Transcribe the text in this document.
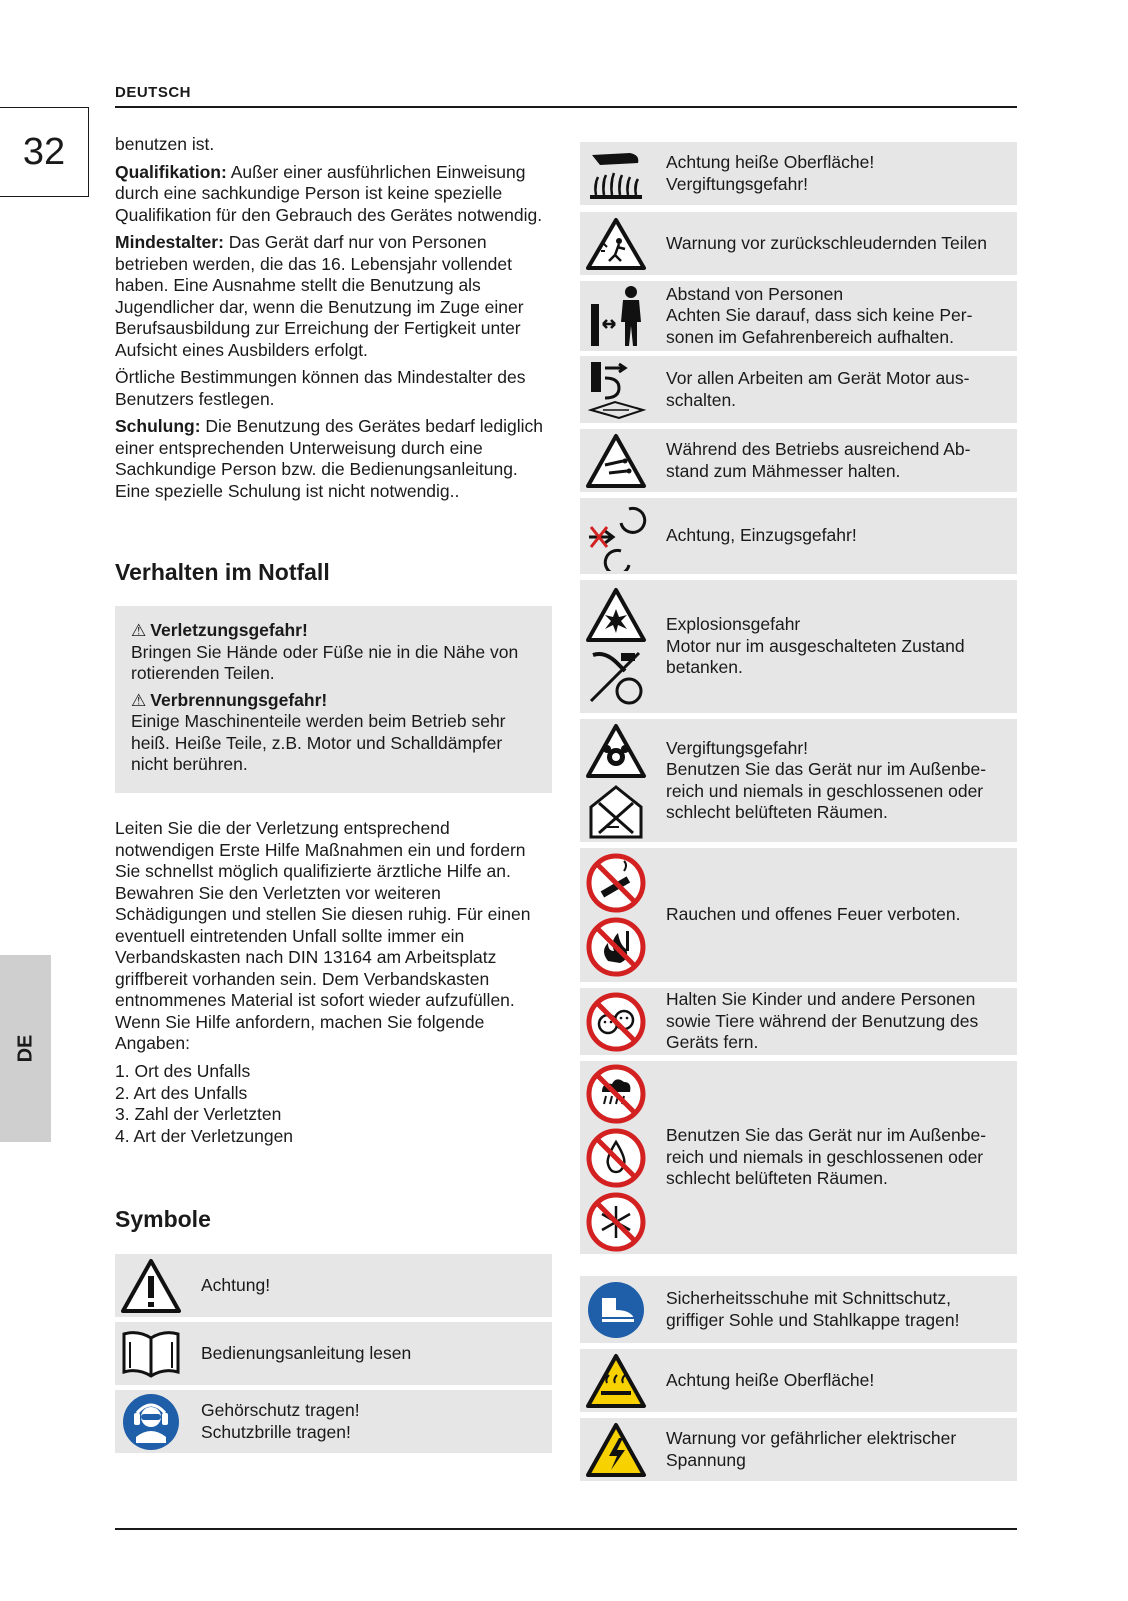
DEUTSCH
32
DE

benutzen ist.

Qualifikation: Außer einer ausführlichen Einweisung durch eine sachkundige Person ist keine spezielle Qualifikation für den Gebrauch des Gerätes notwendig.

Mindestalter: Das Gerät darf nur von Personen betrieben werden, die das 16. Lebensjahr vollendet haben. Eine Ausnahme stellt die Benutzung als Jugendlicher dar, wenn die Benutzung im Zuge einer Berufsausbildung zur Erreichung der Fertigkeit unter Aufsicht eines Ausbilders erfolgt.

Örtliche Bestimmungen können das Mindestalter des Benutzers festlegen.

Schulung: Die Benutzung des Gerätes bedarf lediglich einer entsprechenden Unterweisung durch eine Sachkundige Person bzw. die Bedienungsanleitung. Eine spezielle Schulung ist nicht notwendig..

Verhalten im Notfall
⚠ Verletzungsgefahr!
Bringen Sie Hände oder Füße nie in die Nähe von rotierenden Teilen.
⚠ Verbrennungsgefahr!
Einige Maschinenteile werden beim Betrieb sehr heiß. Heiße Teile, z.B. Motor und Schalldämpfer nicht berühren.

Leiten Sie die der Verletzung entsprechend notwendigen Erste Hilfe Maßnahmen ein und fordern Sie schnellst möglich qualifizierte ärztliche Hilfe an. Bewahren Sie den Verletzten vor weiteren Schädigungen und stellen Sie diesen ruhig. Für einen eventuell eintretenden Unfall sollte immer ein Verbandskasten nach DIN 13164 am Arbeitsplatz griffbereit vorhanden sein. Dem Verbandskasten entnommenes Material ist sofort wieder aufzufüllen. Wenn Sie Hilfe anfordern, machen Sie folgende Angaben:

1. Ort des Unfalls

2. Art des Unfalls

3. Zahl der Verletzten

4. Art der Verletzungen

Symbole
Achtung!
Bedienungsanleitung lesen
Gehörschutz tragen!
Schutzbrille tragen!
Achtung heiße Oberfläche!
Vergiftungsgefahr!
Warnung vor zurückschleudernden Teilen
Abstand von Personen
Achten Sie darauf, dass sich keine Per-
sonen im Gefahrenbereich aufhalten.
Vor allen Arbeiten am Gerät Motor aus-
schalten.
Während des Betriebs ausreichend Ab-
stand zum Mähmesser halten.
Achtung, Einzugsgefahr!
Explosionsgefahr
Motor nur im ausgeschalteten Zustand
betanken.
Vergiftungsgefahr!
Benutzen Sie das Gerät nur im Außenbe-
reich und niemals in geschlossenen oder
schlecht belüfteten Räumen.
Rauchen und offenes Feuer verboten.
Halten Sie Kinder und andere Personen
sowie Tiere während der Benutzung des
Geräts fern.
Benutzen Sie das Gerät nur im Außenbe-
reich und niemals in geschlossenen oder
schlecht belüfteten Räumen.
Sicherheitsschuhe mit Schnittschutz,
griffiger Sohle und Stahlkappe tragen!
Achtung heiße Oberfläche!
Warnung vor gefährlicher elektrischer
Spannung
